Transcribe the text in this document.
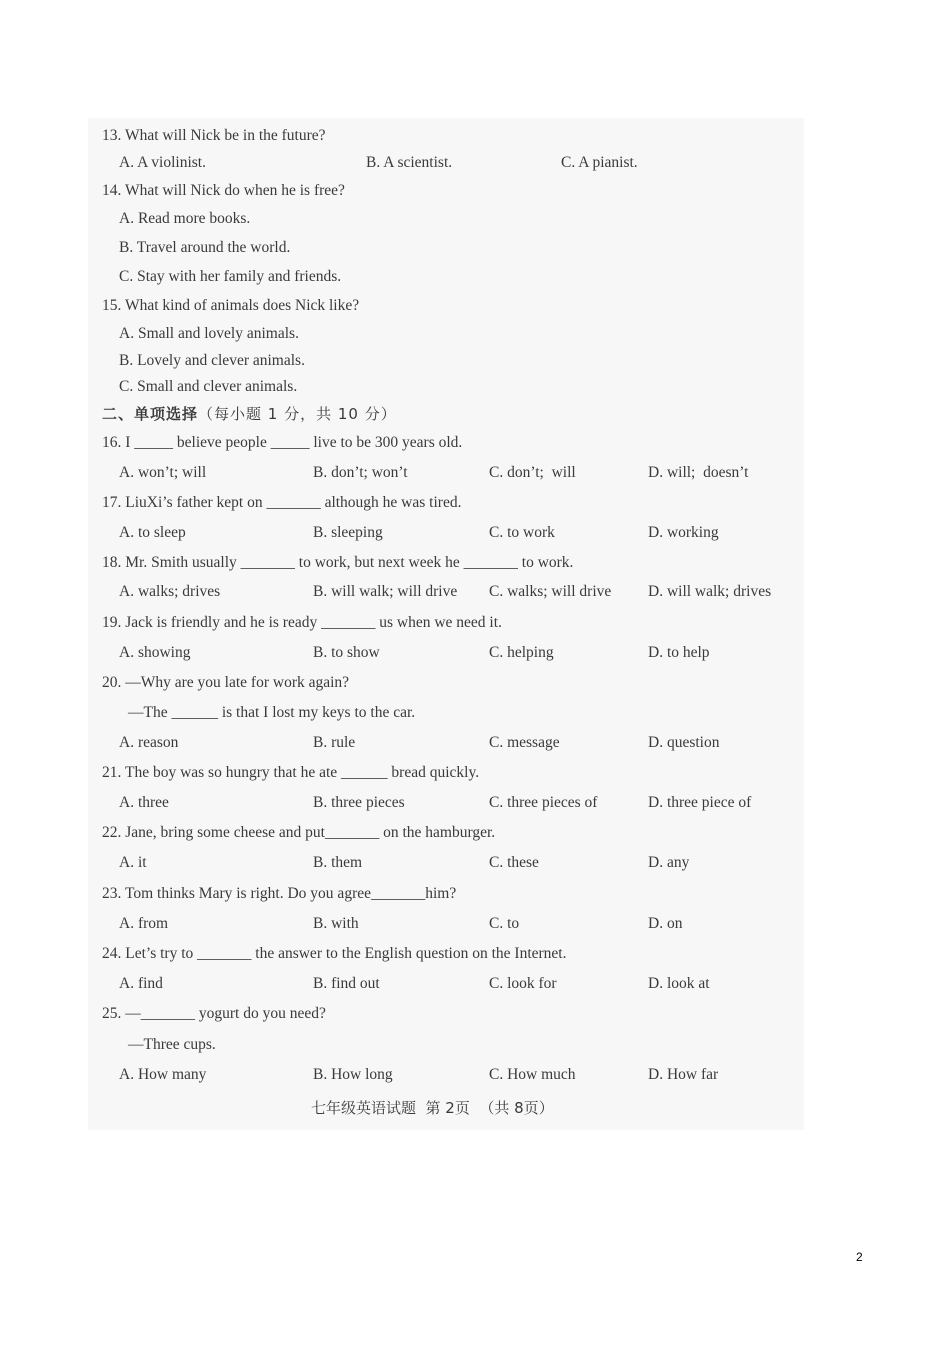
13. What will Nick be in the future?
A. A violinist.	B. A scientist.	C. A pianist.
14. What will Nick do when he is free?
A. Read more books.
B. Travel around the world.
C. Stay with her family and friends.
15. What kind of animals does Nick like?
A. Small and lovely animals.
B. Lovely and clever animals.
C. Small and clever animals.
二、单项选择（每小题 1 分，共 10 分）
16. I _____ believe people _____ live to be 300 years old.
A. won’t; will	B. don’t; won’t	C. don’t;  will	D. will;  doesn’t
17. LiuXi’s father kept on _______ although he was tired.
A. to sleep	B. sleeping	C. to work	D. working
18. Mr. Smith usually _______ to work, but next week he _______ to work.
A. walks; drives	B. will walk; will drive C. walks; will drive D. will walk; drives
19. Jack is friendly and he is ready _______ us when we need it.
A. showing	B. to show	C. helping	D. to help
20. —Why are you late for work again?
—The ______ is that I lost my keys to the car.
A. reason	B. rule	C. message	D. question
21. The boy was so hungry that he ate ______ bread quickly.
A. three	B. three pieces	C. three pieces of	D. three piece of
22. Jane, bring some cheese and put_______ on the hamburger.
A. it	B. them	C. these	D. any
23. Tom thinks Mary is right. Do you agree_______him?
A. from	B. with	C. to	D. on
24. Let’s try to _______ the answer to the English question on the Internet.
A. find	B. find out	C. look for	D. look at
25. —_______ yogurt do you need?
—Three cups.
A. How many	B. How long	C. How much	D. How far
七年级英语试题  第 2页  （共 8页）
2
